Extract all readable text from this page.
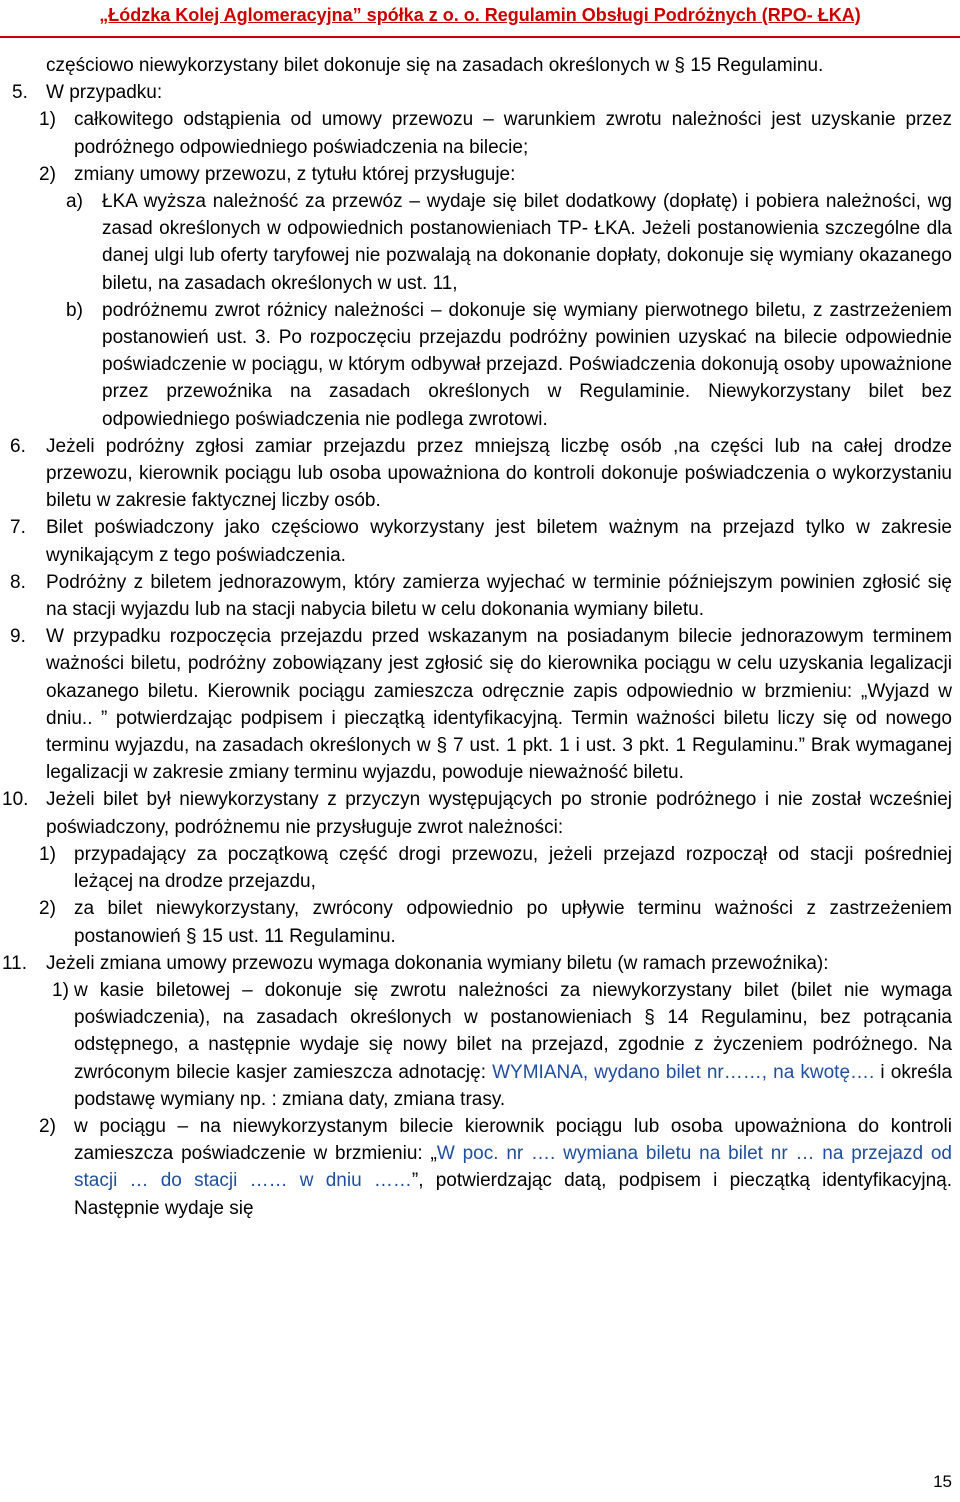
„Łódzka Kolej Aglomeracyjna” spółka z o. o. Regulamin Obsługi Podróżnych (RPO- ŁKA)
częściowo niewykorzystany bilet dokonuje się na zasadach określonych w § 15 Regulaminu.
5. W przypadku:
1) całkowitego odstąpienia od umowy przewozu – warunkiem zwrotu należności jest uzyskanie przez podróżnego odpowiedniego poświadczenia na bilecie;
2) zmiany umowy przewozu, z tytułu której przysługuje:
a) ŁKA wyższa należność za przewóz – wydaje się bilet dodatkowy (dopłatę) i pobiera należności, wg zasad określonych w odpowiednich postanowieniach TP- ŁKA. Jeżeli postanowienia szczególne dla danej ulgi lub oferty taryfowej nie pozwalają na dokonanie dopłaty, dokonuje się wymiany okazanego biletu, na zasadach określonych w ust. 11,
b) podróżnemu zwrot różnicy należności – dokonuje się wymiany pierwotnego biletu, z zastrzeżeniem postanowień ust. 3. Po rozpoczęciu przejazdu podróżny powinien uzyskać na bilecie odpowiednie poświadczenie w pociągu, w którym odbywał przejazd. Poświadczenia dokonują osoby upoważnione przez przewoźnika na zasadach określonych w Regulaminie. Niewykorzystany bilet bez odpowiedniego poświadczenia nie podlega zwrotowi.
6. Jeżeli podróżny zgłosi zamiar przejazdu przez mniejszą liczbę osób ,na części lub na całej drodze przewozu, kierownik pociągu lub osoba upoważniona do kontroli dokonuje poświadczenia o wykorzystaniu biletu w zakresie faktycznej liczby osób.
7. Bilet poświadczony jako częściowo wykorzystany jest biletem ważnym na przejazd tylko w zakresie wynikającym z tego poświadczenia.
8. Podróżny z biletem jednorazowym, który zamierza wyjechać w terminie późniejszym powinien zgłosić się na stacji wyjazdu lub na stacji nabycia biletu w celu dokonania wymiany biletu.
9. W przypadku rozpoczęcia przejazdu przed wskazanym na posiadanym bilecie jednorazowym terminem ważności biletu, podróżny zobowiązany jest zgłosić się do kierownika pociągu w celu uzyskania legalizacji okazanego biletu. Kierownik pociągu zamieszcza odręcznie zapis odpowiednio w brzmieniu: „Wyjazd w dniu.. ” potwierdzając podpisem i pieczątką identyfikacyjną. Termin ważności biletu liczy się od nowego terminu wyjazdu, na zasadach określonych w § 7 ust. 1 pkt. 1 i ust. 3 pkt. 1 Regulaminu.” Brak wymaganej legalizacji w zakresie zmiany terminu wyjazdu, powoduje nieważność biletu.
10. Jeżeli bilet był niewykorzystany z przyczyn występujących po stronie podróżnego i nie został wcześniej poświadczony, podróżnemu nie przysługuje zwrot należności:
1) przypadający za początkową część drogi przewozu, jeżeli przejazd rozpoczął od stacji pośredniej leżącej na drodze przejazdu,
2) za bilet niewykorzystany, zwrócony odpowiednio po upływie terminu ważności z zastrzeżeniem postanowień § 15 ust. 11 Regulaminu.
11. Jeżeli zmiana umowy przewozu wymaga dokonania wymiany biletu (w ramach przewoźnika):
1) w kasie biletowej – dokonuje się zwrotu należności za niewykorzystany bilet (bilet nie wymaga poświadczenia), na zasadach określonych w postanowieniach § 14 Regulaminu, bez potrącania odstępnego, a następnie wydaje się nowy bilet na przejazd, zgodnie z życzeniem podróżnego. Na zwróconym bilecie kasjer zamieszcza adnotację: WYMIANA, wydano bilet nr……, na kwotę…. i określa podstawę wymiany np. : zmiana daty, zmiana trasy.
2) w pociągu – na niewykorzystanym bilecie kierownik pociągu lub osoba upoważniona do kontroli zamieszcza poświadczenie w brzmieniu: „W poc. nr …. wymiana biletu na bilet nr … na przejazd od stacji … do stacji …… w dniu ……”, potwierdzając datą, podpisem i pieczątką identyfikacyjną. Następnie wydaje się
15
